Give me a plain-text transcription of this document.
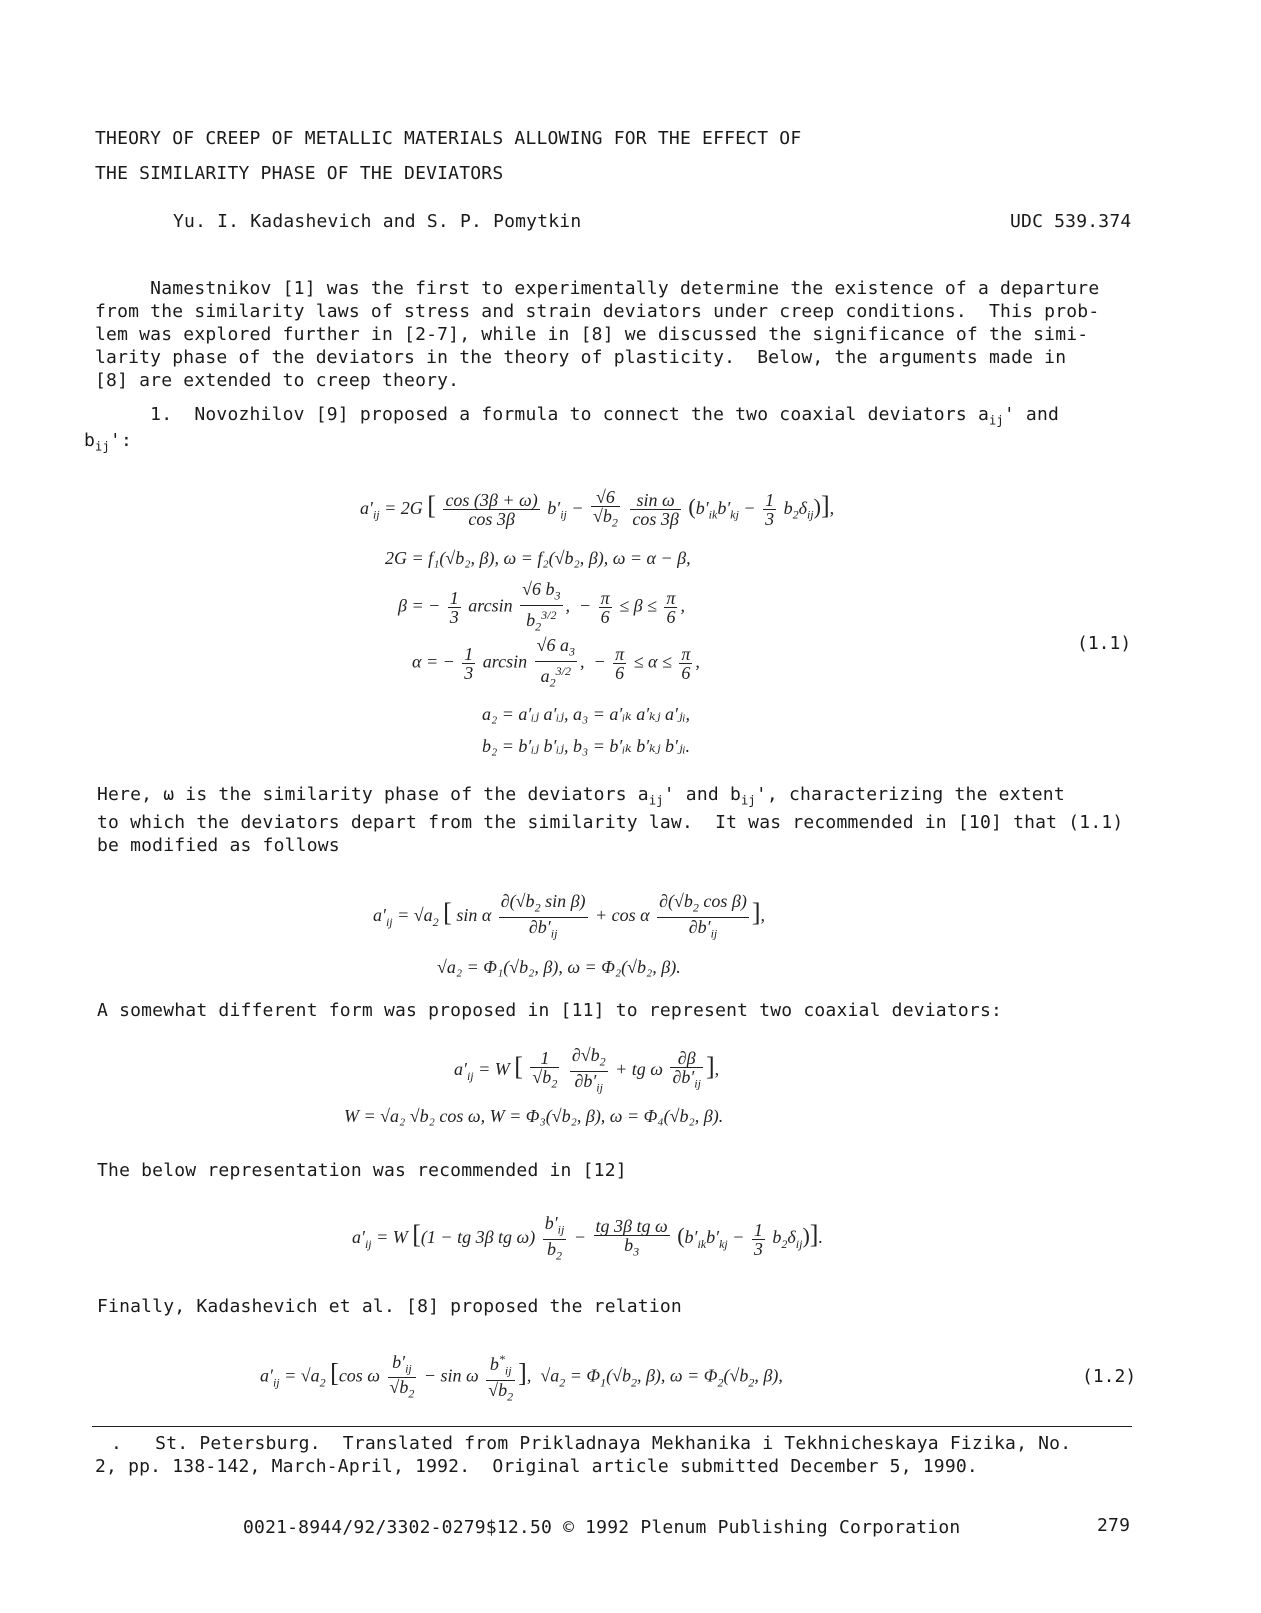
THEORY OF CREEP OF METALLIC MATERIALS ALLOWING FOR THE EFFECT OF
THE SIMILARITY PHASE OF THE DEVIATORS
Yu. I. Kadashevich and S. P. Pomytkin	UDC 539.374
Namestnikov [1] was the first to experimentally determine the existence of a departure
from the similarity laws of stress and strain deviators under creep conditions.  This prob-
lem was explored further in [2-7], while in [8] we discussed the significance of the simi-
larity phase of the deviators in the theory of plasticity.  Below, the arguments made in
[8] are extended to creep theory.
1.  Novozhilov [9] proposed a formula to connect the two coaxial deviators $a_{ij}'$ and
$b_{ij}'$:
$a'_{ij} = 2G$ [ $\frac{\cos (3\beta + \omega)}{\cos 3\beta} b'_{ij} - \frac{√6}{√b_2}$
$\frac{\text{sin ω}}{\cos 3\beta} (b'_{ik}b'_{kj} - \frac{1}{3} b_2\delta_{ij})$],
2G = f₁(√b₂, β), ω = f₂(√b₂, β), ω = α − β,
β = − $\frac{1}{3}$ $\arcsin \frac{√6 b_3}{b_2^{3/2}}$ ,  − $\frac{\pi}{6} \le \beta \le \frac{\pi}{6}$ ,
α = − $\frac{1}{3}$ $\arcsin \frac{√6 a_3}{a_2^{3/2}}$ ,  − $\frac{\pi}{6} \le \alpha \le \frac{\pi}{6}$ ,
a₂ = a′ᵢⱼ a′ᵢⱼ, a₃ = a′ᵢₖ a′ₖⱼ a′ⱼᵢ,
b₂ = b′ᵢⱼ b′ᵢⱼ, b₃ = b′ᵢₖ b′ₖⱼ b′ⱼᵢ.
(1.1)
Here, ω is the similarity phase of the deviators $a_{ij}'$ and $b_{ij}'$, characterizing the extent
to which the deviators depart from the similarity law.  It was recommended in [10] that (1.1)
be modified as follows
$a'_{ij} = √a_2$ [ sin α $\frac{\partial(√b_2 \sin \beta)}{\partial b'_{ij}} + \cos \alpha \frac{\partial(√b_2 \cos \beta)}{\partial b'_{ij}}$ ],
√a₂ = Φ₁(√b₂, β), ω = Φ₂(√b₂, β).
A somewhat different form was proposed in [11] to represent two coaxial deviators:
$a'_{ij} = W$ [ $\frac{1}{√b_2}$
$\frac{\partial√b_2}{\partial b'_{ij}}$ + tg ω $\frac{\partial\beta}{\partial b'_{ij}}$ ],
W = √a₂ √b₂ cos ω, W = Φ₃(√b₂, β), ω = Φ₄(√b₂, β).
The below representation was recommended in [12]
$a'_{ij} = W$ [(1 − tg 3β tg $\omega) \frac{b'_{ij}}{b_2} - \frac{\text{tg 3β tg ω}}{b_3} (b'_{ik}b'_{kj} - \frac{1}{3} b_2\delta_{ij})$].
Finally, Kadashevich et al. [8] proposed the relation
$a'_{ij} = √a_2$ [cos ω $\frac{b'_{ij}}{√b_2} - \sin \omega \frac{b^*_{ij}}{√b_2}$ ],  $√a_2 = \Phi_1(√b_2$, β), $\omega = \Phi_2(√b_2$, β),	(1.2)
.   St. Petersburg.  Translated from Prikladnaya Mekhanika i Tekhnicheskaya Fizika, No.
2, pp. 138-142, March-April, 1992.  Original article submitted December 5, 1990.
0021-8944/92/3302-0279$12.50 © 1992 Plenum Publishing Corporation	279
